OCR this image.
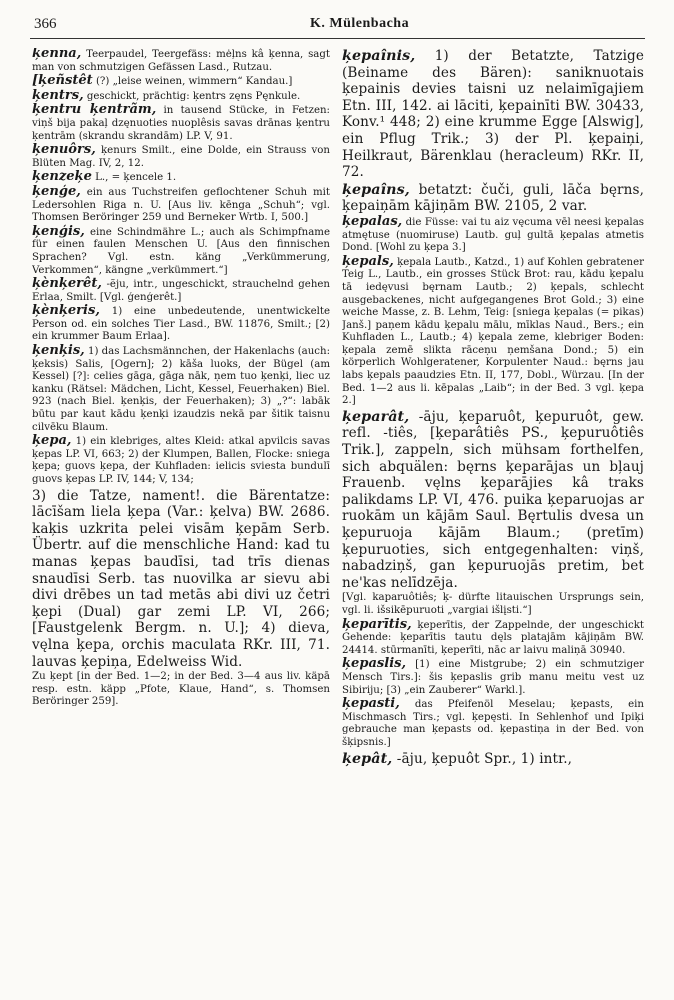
366	K. Mülenbacha

ķenna, Teerpaudel, Teergefäss: mėļns kâ ķenna, sagt man von schmutzigen Gefässen Lasd., Rutzau.

[ķeñstêt (?) „leise weinen, wimmern“ Kandau.]

ķentrs, geschickt, prächtig: ķentrs zęns Pęnkule.

ķentru ķentrãm, in tausend Stücke, in Fetzen: viņš bija pakaļ dzęnuoties nuoplêsis savas drānas ķentru ķentrām (skrandu skrandām) LP. V, 91.

ķenuôrs, ķenurs Smilt., eine Dolde, ein Strauss von Blüten Mag. IV, 2, 12.

ķenzeķe L., = ķencele 1.

ķenģe, ein aus Tuchstreifen geflochtener Schuh mit Ledersohlen Riga n. U. [Aus liv. kēnga „Schuh“; vgl. Thomsen Beröringer 259 und Berneker Wrtb. I, 500.]

ķenģis, eine Schindmähre L.; auch als Schimpfname für einen faulen Menschen U. [Aus den finnischen Sprachen? Vgl. estn. käng „Verkümmerung, Verkommen“, kängne „verkümmert.“]

ķènķerêt, -ẽju, intr., ungeschickt, strauchelnd gehen Erlaa, Smilt. [Vgl. ģenģerêt.]

ķènķeris, 1) eine unbedeutende, unentwickelte Person od. ein solches Tier Lasd., BW. 11876, Smilt.; [2) ein krummer Baum Erlaa].

ķenķis, 1) das Lachsmännchen, der Hakenlachs (auch: ķeksis) Salis, [Ogern]; 2) kāša luoks, der Bügel (am Kessel) [?]: celies gāga, gāga nāk, ņem tuo ķenķi, liec uz kanku (Rätsel: Mädchen, Licht, Kessel, Feuerhaken) Biel. 923 (nach Biel. ķenķis, der Feuerhaken); 3) „?“: labāk būtu par kaut kādu ķenķi izaudzis nekā par šitik taisnu cilvēku Blaum.

ķepa, 1) ein klebriges, altes Kleid: atkal apvilcis savas ķepas LP. VI, 663; 2) der Klumpen, Ballen, Flocke: sniega ķepa; guovs ķepa, der Kuhfladen: ielicis sviesta bundulī guovs ķepas LP. IV, 144; V, 134;

3) die Tatze, nament!. die Bärentatze: lācīšam liela ķepa (Var.: ķelva) BW. 2686. kaķis uzkrita pelei visām ķepām Serb. Übertr. auf die menschliche Hand: kad tu manas ķepas baudīsi, tad trīs dienas snaudīsi Serb. tas nuovilka ar sievu abi divi drēbes un tad metās abi divi uz četri ķepi (Dual) gar zemi LP. VI, 266; [Faustgelenk Bergm. n. U.]; 4) dieva, vęlna ķepa, orchis maculata RKr. III, 71. lauvas ķepiņa, Edelweiss Wid.

Zu ķept [in der Bed. 1—2; in der Bed. 3—4 aus liv. käpā resp. estn. käpp „Pfote, Klaue, Hand“, s. Thomsen Beröringer 259].

ķepaînis, 1) der Betatzte, Tatzige (Beiname des Bären): saniknuotais ķepainis devies taisni uz nelaimīgajiem Etn. III, 142. ai lāciti, ķepainīti BW. 30433, Konv.¹ 448; 2) eine krumme Egge [Alswig], ein Pflug Trik.; 3) der Pl. ķepaiņi, Heilkraut, Bärenklau (heracleum) RKr. II, 72.

ķepaîns, betatzt: čuči, guli, lāča bęrns, ķepaiņām kājiņām BW. 2105, 2 var.

ķepalas, die Füsse: vai tu aiz vęcuma vēl neesi ķepalas atmętuse (nuomiruse) Lautb. guļ gultā ķepalas atmetis Dond. [Wohl zu ķepa 3.]

ķepals, ķepala Lautb., Katzd., 1) auf Kohlen gebratener Teig L., Lautb., ein grosses Stück Brot: rau, kādu ķepalu tā iedęvusi bęrnam Lautb.; 2) ķepals, schlecht ausgebackenes, nicht aufgegangenes Brot Gold.; 3) eine weiche Masse, z. B. Lehm, Teig: [sniega ķepalas (= pikas) Janš.] paņem kādu ķepalu mālu, mīklas Naud., Bers.; ein Kuhfladen L., Lautb.; 4) ķepala zeme, klebriger Boden: ķepala zemē slikta rāceņu ņemšana Dond.; 5) ein körperlich Wohlgeratener, Korpulenter Naud.: bęrns jau labs ķepals paaudzies Etn. II, 177, Dobl., Würzau. [In der Bed. 1—2 aus li. kēpalas „Laib“; in der Bed. 3 vgl. ķepa 2.]

ķeparât, -āju, ķeparuôt, ķepuruôt, gew. refl. -tiês, [ķeparâtiês PS., ķepuruôtiês Trik.], zappeln, sich mühsam forthelfen, sich abquälen: bęrns ķeparājas un bļauj Frauenb. vęlns ķeparājies kâ traks palikdams LP. VI, 476. puika ķeparuojas ar ruokām un kājām Saul. Bęrtulis dvesa un ķepuruoja kājām Blaum.; (pretīm) ķepuruoties, sich entgegenhalten: viņš, nabadziņš, gan ķepuruojās pretim, bet ne'kas nelīdzēja.

[Vgl. kaparuôtiês; ķ- dürfte litauischen Ursprungs sein, vgl. li. išsikēpuruoti „vargiai išlįsti.“]

ķeparītis, ķeperītis, der Zappelnde, der ungeschickt Gehende: ķeparītis tautu dęls platajām kājiņām BW. 24414. stūrmanīti, ķeperīti, nāc ar laivu maliņā 30940.

ķepaslis, [1) eine Mistgrube; 2) ein schmutziger Mensch Tirs.]: šis ķepaslis grib manu meitu vest uz Sibiriju; [3) „ein Zauberer“ Warkl.].

ķepasti, das Pfeifenöl Meselau; ķepasts, ein Mischmasch Tirs.; vgl. ķepęsti. In Sehlenhof und Ipiķi gebrauche man ķepasts od. ķepastiņa in der Bed. von šķipsnis.]

ķepât, -āju, ķepuôt Spr., 1) intr.,
